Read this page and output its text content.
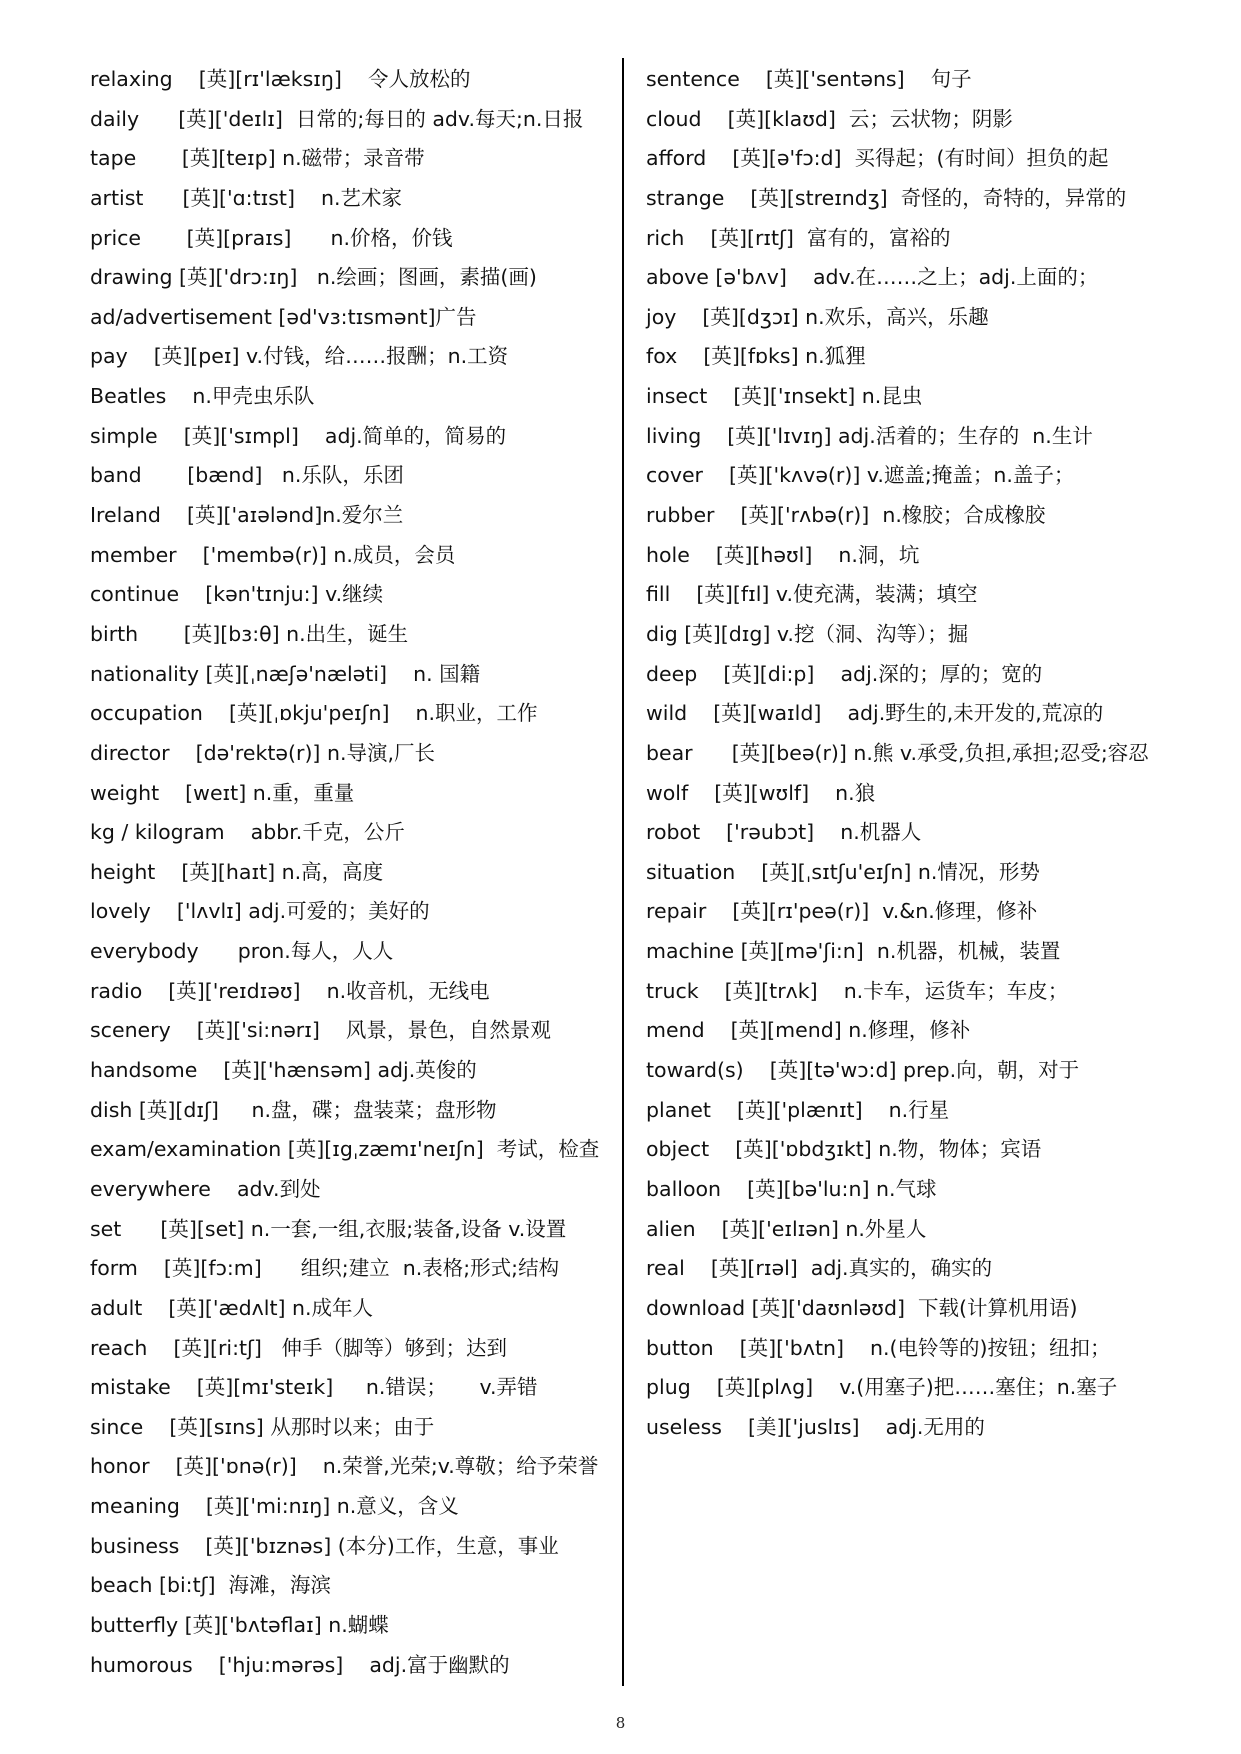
relaxing    [英][rɪ'læksɪŋ]    令人放松的
daily      [英]['deɪlɪ]  日常的;每日的 adv.每天;n.日报
tape       [英][teɪp] n.磁带；录音带
artist      [英]['ɑ:tɪst]    n.艺术家
price       [英][praɪs]      n.价格，价钱
drawing [英]['drɔ:ɪŋ]   n.绘画；图画，素描(画)
ad/advertisement [əd'vɜ:tɪsmənt]广告
pay    [英][peɪ] v.付钱，给……报酬；n.工资
Beatles    n.甲壳虫乐队
simple    [英]['sɪmpl]    adj.简单的，简易的
band       [bænd]   n.乐队，乐团
Ireland    [英]['aɪələnd]n.爱尔兰
member    ['membə(r)] n.成员，会员
continue    [kən'tɪnju:] v.继续
birth       [英][bɜ:θ] n.出生，诞生
nationality [英][ˌnæʃə'næləti]    n. 国籍
occupation    [英][ˌɒkju'peɪʃn]    n.职业，工作
director    [də'rektə(r)] n.导演,厂长
weight    [weɪt] n.重，重量
kg / kilogram    abbr.千克，公斤
height    [英][haɪt] n.高，高度
lovely    ['lʌvlɪ] adj.可爱的；美好的
everybody      pron.每人，人人
radio    [英]['reɪdɪəʊ]    n.收音机，无线电
scenery    [英]['si:nərɪ]    风景，景色，自然景观
handsome    [英]['hænsəm] adj.英俊的
dish [英][dɪʃ]     n.盘，碟；盘装菜；盘形物
exam/examination [英][ɪgˌzæmɪ'neɪʃn]  考试，检查
everywhere    adv.到处
set      [英][set] n.一套,一组,衣服;装备,设备 v.设置
form    [英][fɔ:m]      组织;建立  n.表格;形式;结构
adult    [英]['ædʌlt] n.成年人
reach    [英][ri:tʃ]   伸手（脚等）够到；达到
mistake    [英][mɪ'steɪk]     n.错误；     v.弄错
since    [英][sɪns] 从那时以来；由于
honor    [英]['ɒnə(r)]    n.荣誉,光荣;v.尊敬；给予荣誉
meaning    [英]['mi:nɪŋ] n.意义，含义
business    [英]['bɪznəs] (本分)工作，生意，事业
beach [bi:tʃ]  海滩，海滨
butterfly [英]['bʌtəflaɪ] n.蝴蝶
humorous    ['hju:mərəs]    adj.富于幽默的
sentence    [英]['sentəns]    句子
cloud    [英][klaʊd]  云；云状物；阴影
afford    [英][ə'fɔ:d]  买得起；(有时间）担负的起
strange    [英][streɪndʒ]  奇怪的，奇特的，异常的
rich    [英][rɪtʃ]  富有的，富裕的
above [ə'bʌv]    adv.在……之上；adj.上面的；
joy    [英][dʒɔɪ] n.欢乐，高兴，乐趣
fox    [英][fɒks] n.狐狸
insect    [英]['ɪnsekt] n.昆虫
living    [英]['lɪvɪŋ] adj.活着的；生存的  n.生计
cover    [英]['kʌvə(r)] v.遮盖;掩盖；n.盖子；
rubber    [英]['rʌbə(r)]  n.橡胶；合成橡胶
hole    [英][həʊl]    n.洞，坑
fill    [英][fɪl] v.使充满，装满；填空
dig [英][dɪg] v.挖（洞、沟等）；掘
deep    [英][di:p]    adj.深的；厚的；宽的
wild    [英][waɪld]    adj.野生的,未开发的,荒凉的
bear      [英][beə(r)] n.熊 v.承受,负担,承担;忍受;容忍
wolf    [英][wʊlf]    n.狼
robot    ['rəubɔt]    n.机器人
situation    [英][ˌsɪtʃu'eɪʃn] n.情况，形势
repair    [英][rɪ'peə(r)]  v.&n.修理，修补
machine [英][mə'ʃi:n]  n.机器，机械，装置
truck    [英][trʌk]    n.卡车，运货车；车皮；
mend    [英][mend] n.修理，修补
toward(s)    [英][tə'wɔ:d] prep.向，朝，对于
planet    [英]['plænɪt]    n.行星
object    [英]['ɒbdʒɪkt] n.物，物体；宾语
balloon    [英][bə'lu:n] n.气球
alien    [英]['eɪlɪən] n.外星人
real    [英][rɪəl]  adj.真实的，确实的
download [英]['daʊnləʊd]  下载(计算机用语)
button    [英]['bʌtn]    n.(电铃等的)按钮；纽扣；
plug    [英][plʌg]    v.(用塞子)把……塞住；n.塞子
useless    [美]['juslɪs]    adj.无用的
8
